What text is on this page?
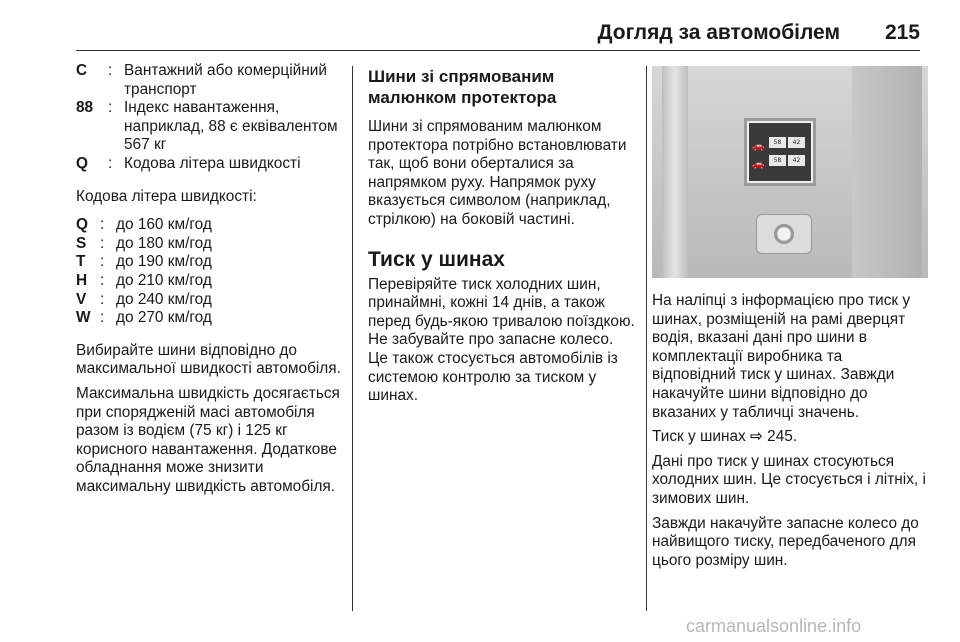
Догляд за автомобілем 215
C	: Вантажний або комерційний транспорт
88 : Індекс навантаження, наприклад, 88 є еквівалентом 567 кг
Q	: Кодова літера швидкості

Кодова літера швидкості:

Q : до 160 км/год
S : до 180 км/год
T : до 190 км/год
H : до 210 км/год
V : до 240 км/год
W : до 270 км/год

Вибирайте шини відповідно до максимальної швидкості автомобіля.

Максимальна швидкість досягається при спорядженій масі автомобіля разом із водієм (75 кг) і 125 кг корисного навантаження. Додаткове обладнання може знизити максимальну швидкість автомобіля.

Шини зі спрямованим малюнком протектора

Шини зі спрямованим малюнком протектора потрібно встановлювати так, щоб вони оберталися за напрямком руху. Напрямок руху вказується символом (наприклад, стрілкою) на боковій частині.

Тиск у шинах

Перевіряйте тиск холодних шин, принаймні, кожні 14 днів, а також перед будь-якою тривалою поїздкою. Не забувайте про запасне колесо. Це також стосується автомобілів із системою контролю за тиском у шинах.

58	42
58	42
🚗
🚗

На наліпці з інформацією про тиск у шинах, розміщеній на рамі дверцят водія, вказані дані про шини в комплектації виробника та відповідний тиск у шинах. Завжди накачуйте шини відповідно до вказаних у табличці значень.

Тиск у шинах ⇨ 245.

Дані про тиск у шинах стосуються холодних шин. Це стосується і літніх, і зимових шин.

Завжди накачуйте запасне колесо до найвищого тиску, передбаченого для цього розміру шин.

carmanualsonline.info
